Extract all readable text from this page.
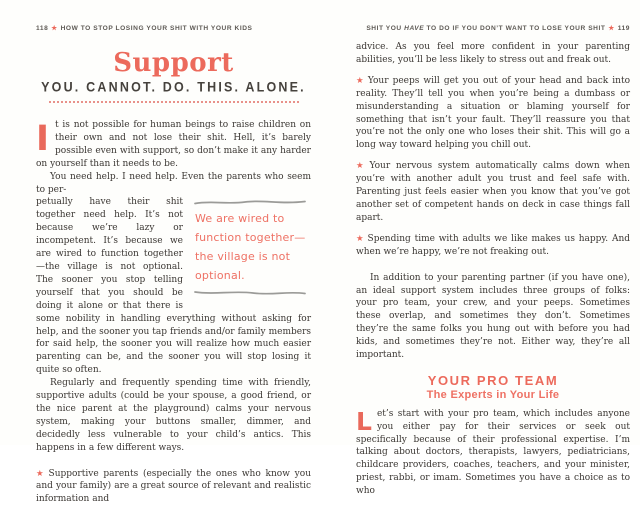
118 ★ HOW TO STOP LOSING YOUR SHIT WITH YOUR KIDS
Support
YOU. CANNOT. DO. THIS. ALONE.

It is not possible for human beings to raise children on their own and not lose their shit. Hell, it’s barely possible even with support, so don’t make it any harder on yourself than it needs to be.

You need help. I need help. Even the parents who seem to per-

We are wired to function together— the village is not optional.

petually have their shit together need help. It’s not because we’re lazy or incompetent. It’s because we are wired to function together—the village is not optional. The sooner you stop telling yourself that you should be doing it alone or that there is some nobility in handling everything without asking for help, and the sooner you tap friends and/or family members for said help, the sooner you will realize how much easier parenting can be, and the sooner you will stop losing it quite so often.

Regularly and frequently spending time with friendly, supportive adults (could be your spouse, a good friend, or the nice parent at the playground) calms your nervous system, making your buttons smaller, dimmer, and decidedly less vulnerable to your child’s antics. This happens in a few different ways.

★ Supportive parents (especially the ones who know you and your family) are a great source of relevant and realistic information and

SHIT YOU HAVE TO DO IF YOU DON’T WANT TO LOSE YOUR SHIT ★ 119

advice. As you feel more confident in your parenting abilities, you’ll be less likely to stress out and freak out.

★ Your peeps will get you out of your head and back into reality. They’ll tell you when you’re being a dumbass or misunderstanding a situation or blaming yourself for something that isn’t your fault. They’ll reassure you that you’re not the only one who loses their shit. This will go a long way toward helping you chill out.

★ Your nervous system automatically calms down when you’re with another adult you trust and feel safe with. Parenting just feels easier when you know that you’ve got another set of competent hands on deck in case things fall apart.

★ Spending time with adults we like makes us happy. And when we’re happy, we’re not freaking out.

In addition to your parenting partner (if you have one), an ideal support system includes three groups of folks: your pro team, your crew, and your peeps. Sometimes these overlap, and sometimes they don’t. Sometimes they’re the same folks you hung out with before you had kids, and sometimes they’re not. Either way, they’re all important.

YOUR PRO TEAM
The Experts in Your Life

Let’s start with your pro team, which includes anyone you either pay for their services or seek out specifically because of their professional expertise. I’m talking about doctors, therapists, lawyers, pediatricians, childcare providers, coaches, teachers, and your minister, priest, rabbi, or imam. Sometimes you have a choice as to who
